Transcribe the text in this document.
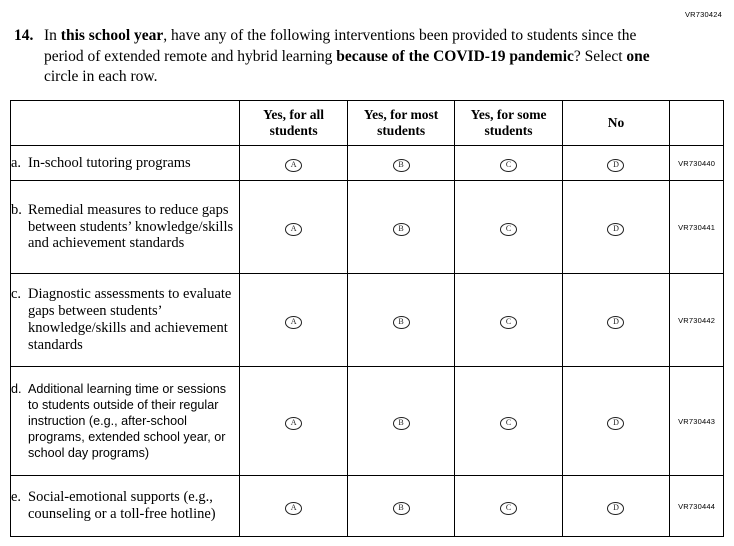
VR730424
14. In this school year, have any of the following interventions been provided to students since the period of extended remote and hybrid learning because of the COVID-19 pandemic? Select one circle in each row.
	Yes, for all students	Yes, for most students	Yes, for some students	No	

a. In-school tutoring programs	A	B	C	D	VR730440

b. Remedial measures to reduce gaps between students’ knowledge/skills and achievement standards	A	B	C	D	VR730441

c. Diagnostic assessments to evaluate gaps between students’ knowledge/skills and achievement standards	A	B	C	D	VR730442

d. Additional learning time or sessions to students outside of their regular instruction (e.g., after-school programs, extended school year, or school day programs)	A	B	C	D	VR730443

e. Social-emotional supports (e.g., counseling or a toll-free hotline)	A	B	C	D	VR730444
